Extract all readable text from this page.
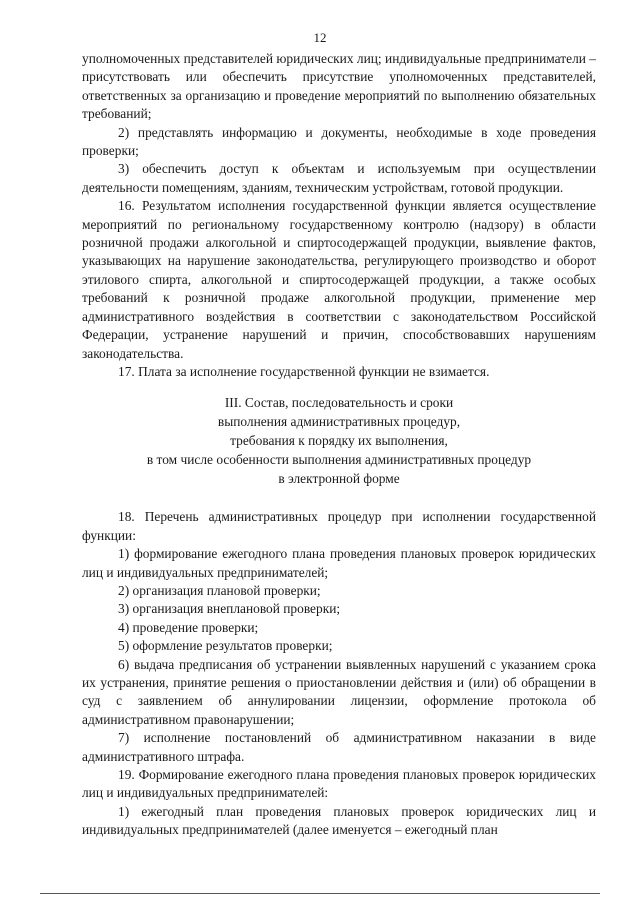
12

уполномоченных представителей юридических лиц; индивидуальные предприниматели – присутствовать или обеспечить присутствие уполномоченных представителей, ответственных за организацию и проведение мероприятий по выполнению обязательных требований;

2) представлять информацию и документы, необходимые в ходе проведения проверки;

3) обеспечить доступ к объектам и используемым при осуществлении деятельности помещениям, зданиям, техническим устройствам, готовой продукции.

16. Результатом исполнения государственной функции является осуществление мероприятий по региональному государственному контролю (надзору) в области розничной продажи алкогольной и спиртосодержащей продукции, выявление фактов, указывающих на нарушение законодательства, регулирующего производство и оборот этилового спирта, алкогольной и спиртосодержащей продукции, а также особых требований к розничной продаже алкогольной продукции, применение мер административного воздействия в соответствии с законодательством Российской Федерации, устранение нарушений и причин, способствовавших нарушениям законодательства.

17. Плата за исполнение государственной функции не взимается.

III. Состав, последовательность и сроки
выполнения административных процедур,
требования к порядку их выполнения,
в том числе особенности выполнения административных процедур
в электронной форме

18. Перечень административных процедур при исполнении государственной функции:

1) формирование ежегодного плана проведения плановых проверок юридических лиц и индивидуальных предпринимателей;

2) организация плановой проверки;

3) организация внеплановой проверки;

4) проведение проверки;

5) оформление результатов проверки;

6) выдача предписания об устранении выявленных нарушений с указанием срока их устранения, принятие решения о приостановлении действия и (или) об обращении в суд с заявлением об аннулировании лицензии, оформление протокола об административном правонарушении;

7) исполнение постановлений об административном наказании в виде административного штрафа.

19. Формирование ежегодного плана проведения плановых проверок юридических лиц и индивидуальных предпринимателей:

1) ежегодный план проведения плановых проверок юридических лиц и индивидуальных предпринимателей (далее именуется – ежегодный план
